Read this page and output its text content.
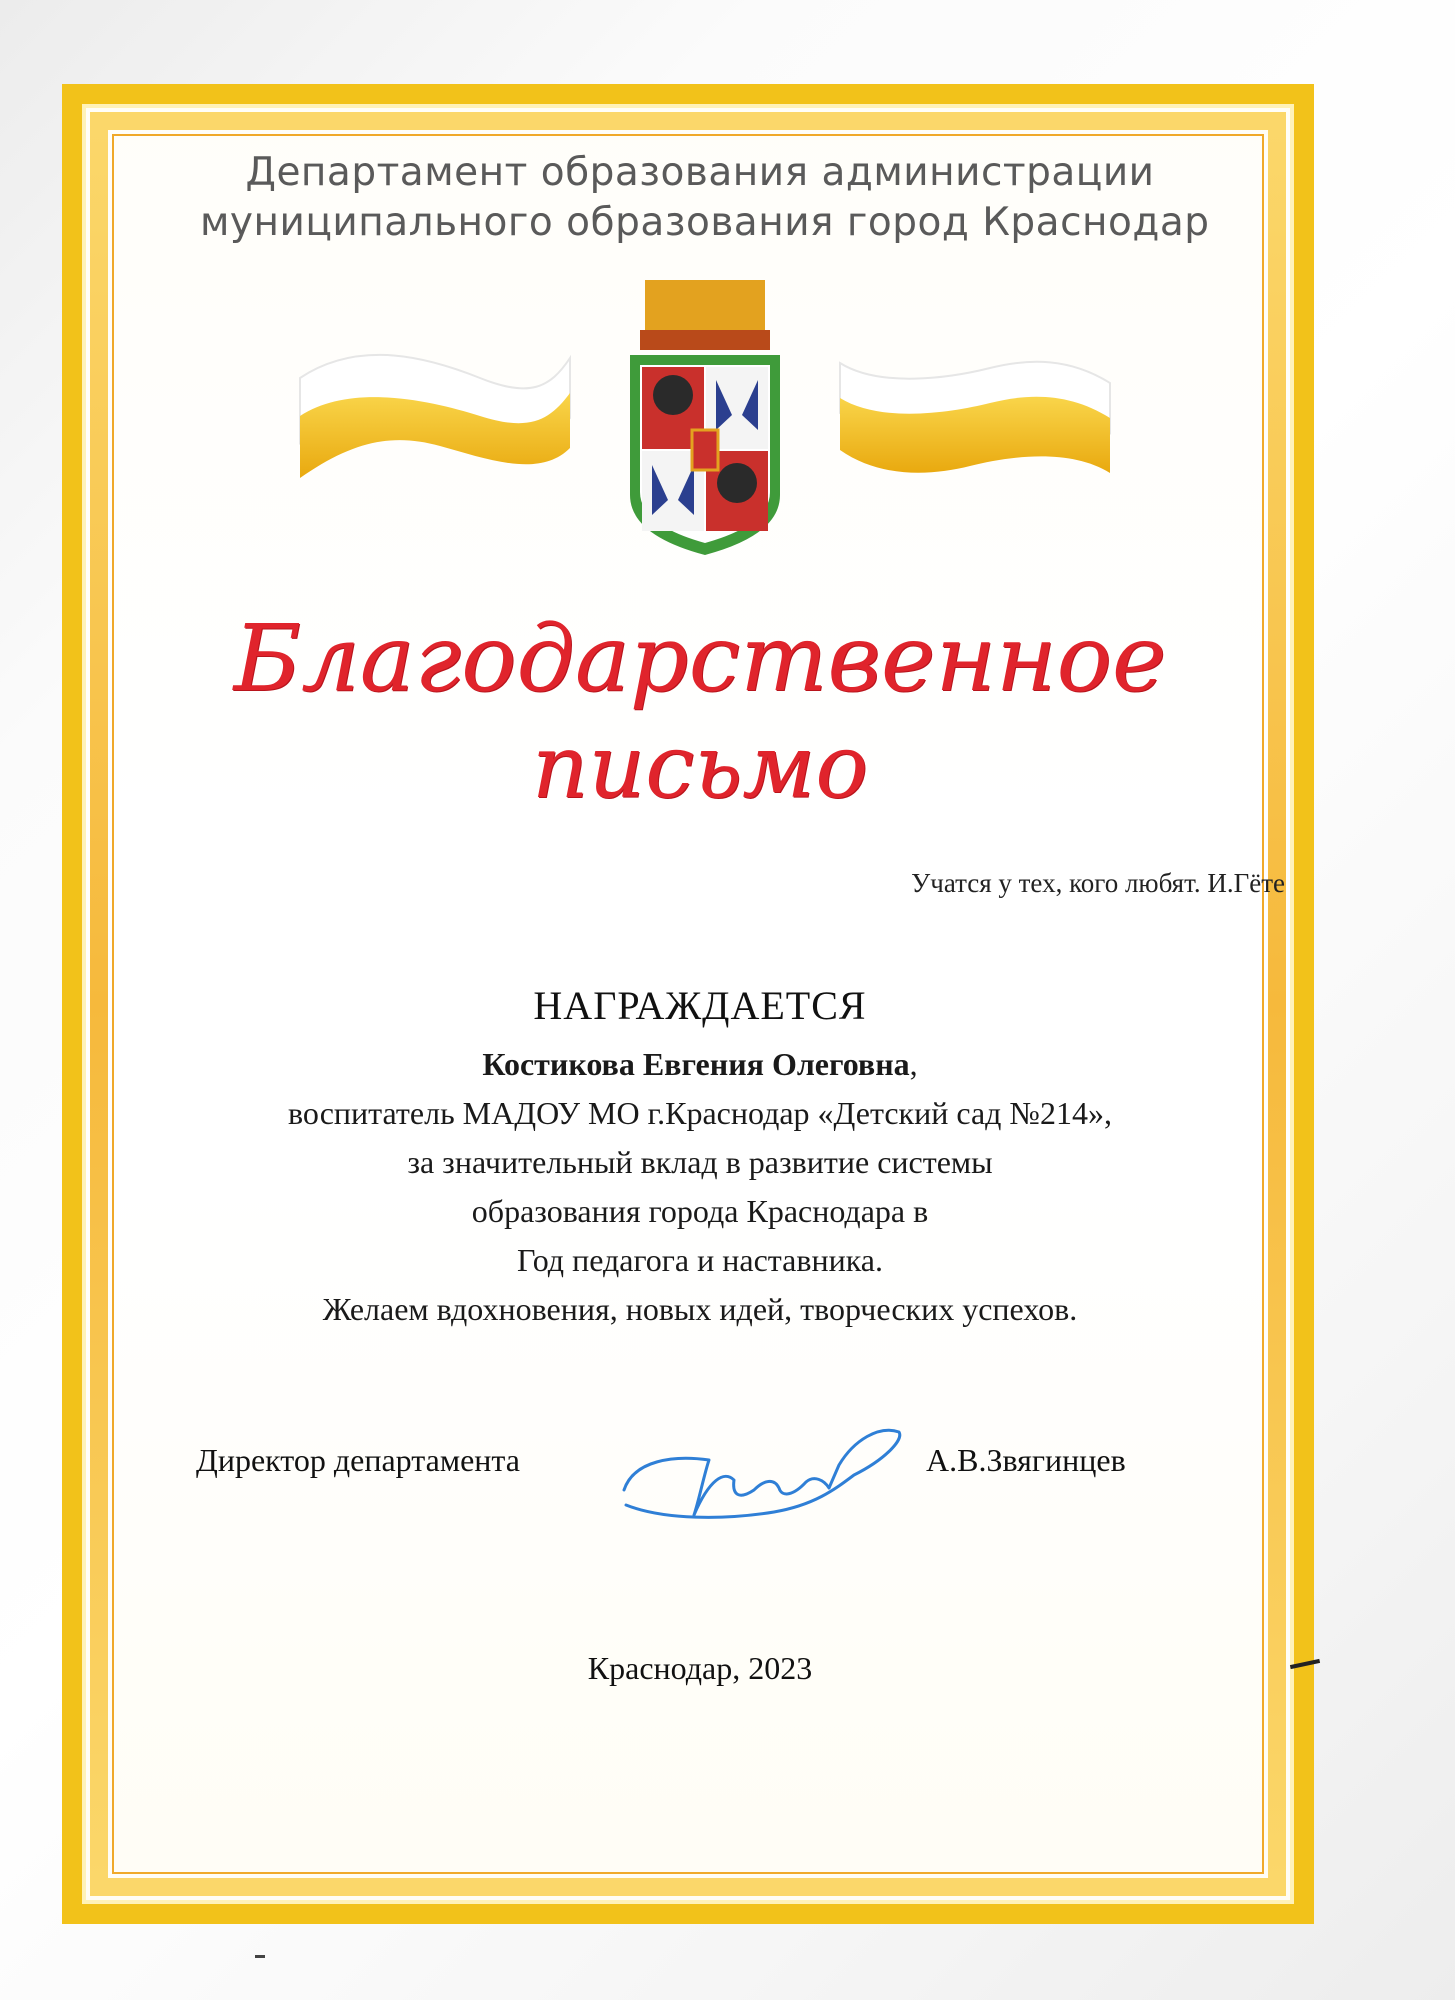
Департамент образования администрации
муниципального образования город Краснодар
Благодарственное
письмо
Учатся у тех, кого любят. И.Гёте
НАГРАЖДАЕТСЯ
Костикова Евгения Олеговна,
воспитатель МАДОУ МО г.Краснодар «Детский сад №214»,
за значительный вклад в развитие системы
образования города Краснодара в
Год педагога и наставника.
Желаем вдохновения, новых идей, творческих успехов.
Директор департамента	А.В.Звягинцев
Краснодар, 2023
